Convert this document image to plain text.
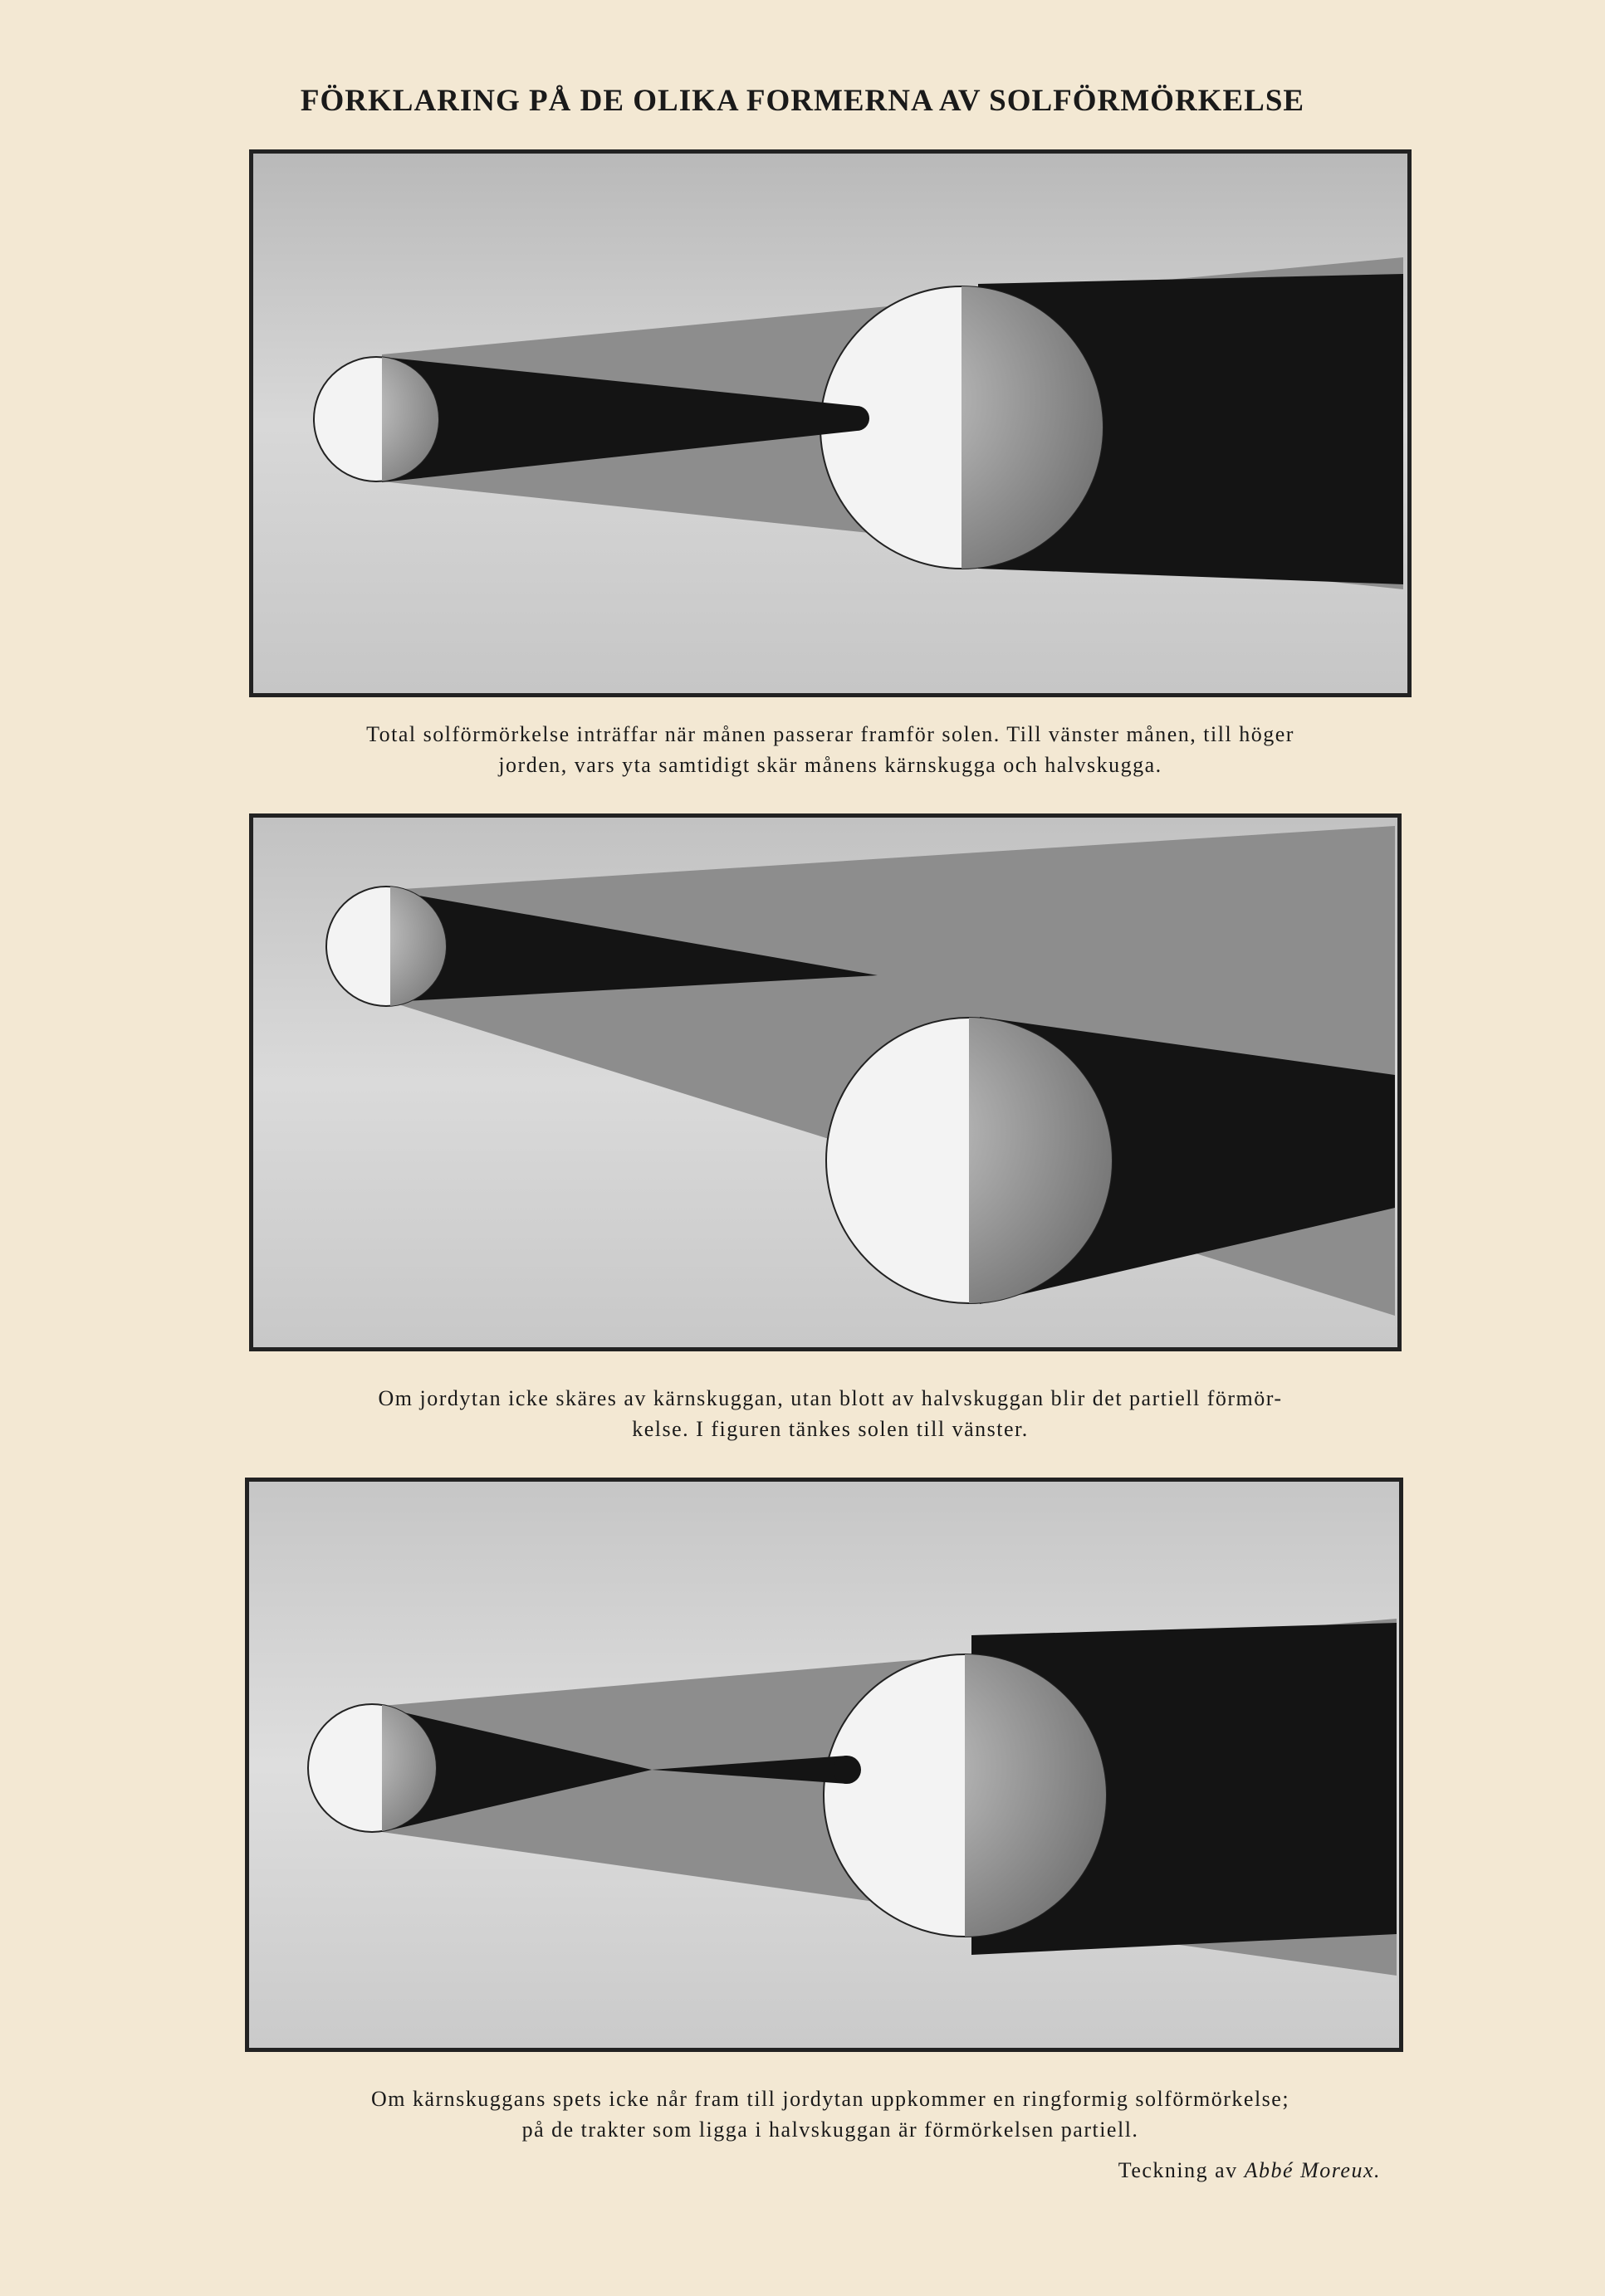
FÖRKLARING PÅ DE OLIKA FORMERNA AV SOLFÖRMÖRKELSE
Total solförmörkelse inträffar när månen passerar framför solen. Till vänster månen, till höger
jorden, vars yta samtidigt skär månens kärnskugga och halvskugga.
Om jordytan icke skäres av kärnskuggan, utan blott av halvskuggan blir det partiell förmör-
kelse. I figuren tänkes solen till vänster.
Om kärnskuggans spets icke når fram till jordytan uppkommer en ringformig solförmörkelse;
på de trakter som ligga i halvskuggan är förmörkelsen partiell.
Teckning av Abbé Moreux.
